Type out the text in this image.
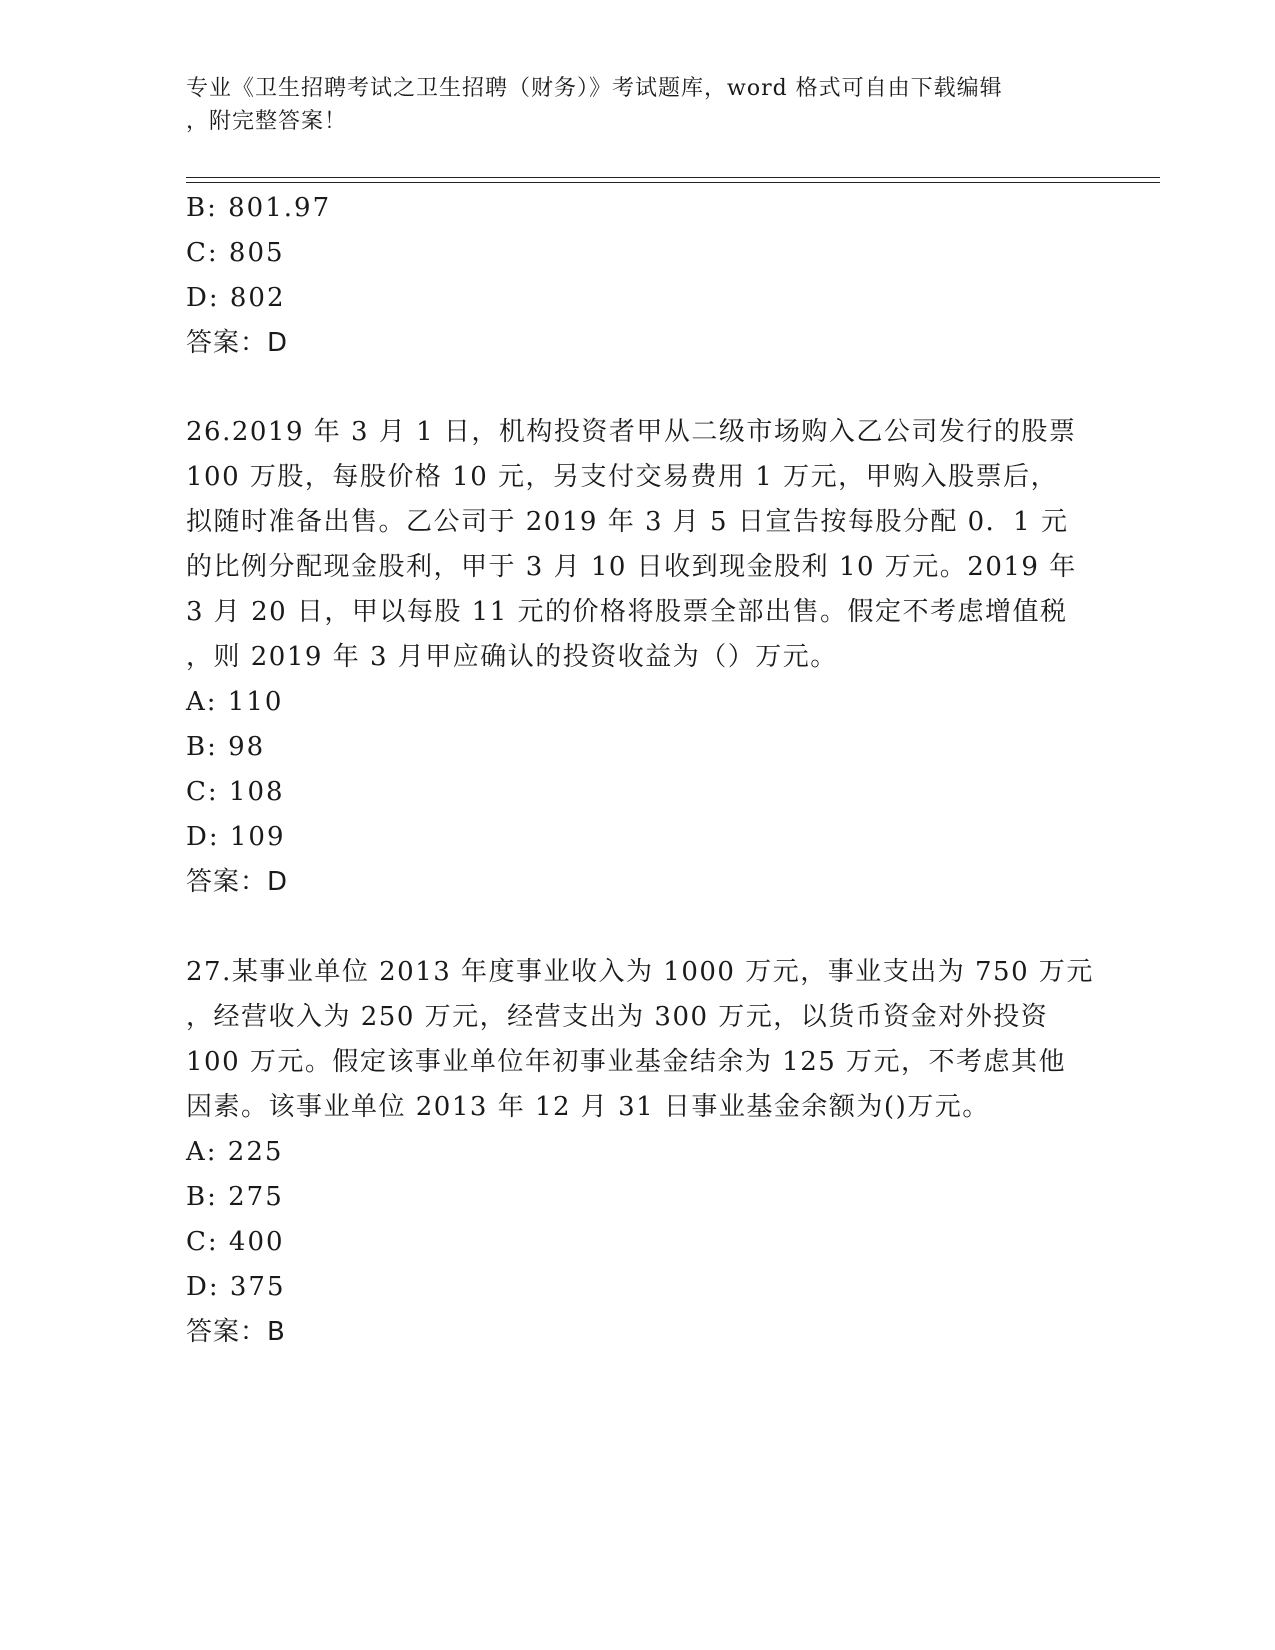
专业《卫生招聘考试之卫生招聘（财务）》考试题库，word 格式可自由下载编辑
，附完整答案！
B: 801.97
C: 805
D: 802
答案：D
26.2019 年 3 月 1 日，机构投资者甲从二级市场购入乙公司发行的股票
100 万股，每股价格 10 元，另支付交易费用 1 万元，甲购入股票后，
拟随时准备出售。乙公司于 2019 年 3 月 5 日宣告按每股分配 0．1 元
的比例分配现金股利，甲于 3 月 10 日收到现金股利 10 万元。2019 年
3 月 20 日，甲以每股 11 元的价格将股票全部出售。假定不考虑增值税
，则 2019 年 3 月甲应确认的投资收益为（）万元。
A: 110
B: 98
C: 108
D: 109
答案：D
27.某事业单位 2013 年度事业收入为 1000 万元，事业支出为 750 万元
，经营收入为 250 万元，经营支出为 300 万元，以货币资金对外投资
100 万元。假定该事业单位年初事业基金结余为 125 万元，不考虑其他
因素。该事业单位 2013 年 12 月 31 日事业基金余额为()万元。
A: 225
B: 275
C: 400
D: 375
答案：B
